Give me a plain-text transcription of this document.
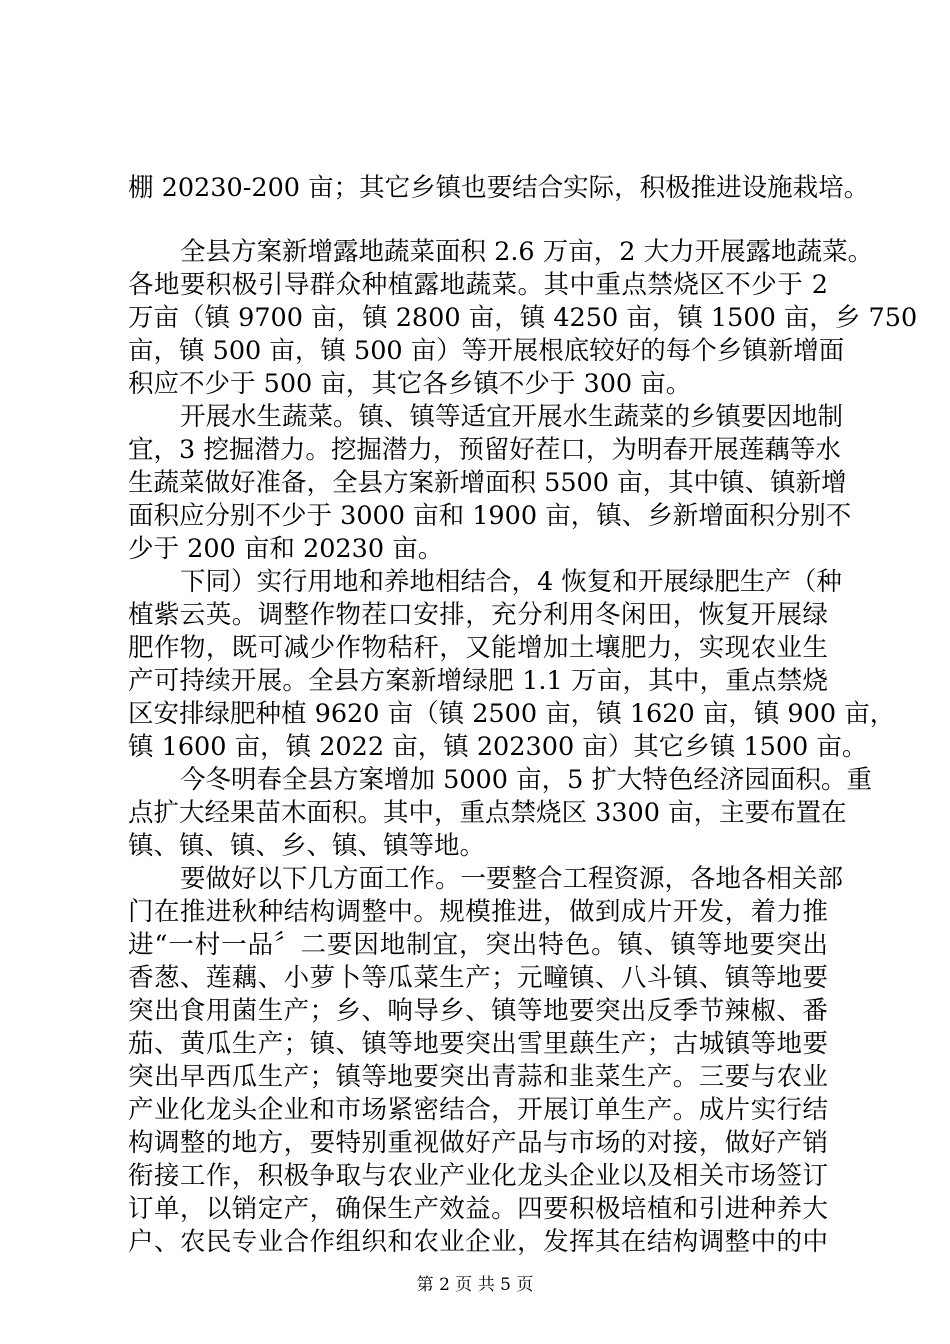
棚 20230-200 亩；其它乡镇也要结合实际，积极推进设施栽培。
全县方案新增露地蔬菜面积 2.6 万亩，2 大力开展露地蔬菜。
各地要积极引导群众种植露地蔬菜。其中重点禁烧区不少于 2
万亩（镇 9700 亩，镇 2800 亩，镇 4250 亩，镇 1500 亩，乡 750
亩，镇 500 亩，镇 500 亩）等开展根底较好的每个乡镇新增面
积应不少于 500 亩，其它各乡镇不少于 300 亩。
开展水生蔬菜。镇、镇等适宜开展水生蔬菜的乡镇要因地制
宜，3 挖掘潜力。挖掘潜力，预留好茬口，为明春开展莲藕等水
生蔬菜做好准备，全县方案新增面积 5500 亩，其中镇、镇新增
面积应分别不少于 3000 亩和 1900 亩，镇、乡新增面积分别不
少于 200 亩和 20230 亩。
下同）实行用地和养地相结合，4 恢复和开展绿肥生产（种
植紫云英。调整作物茬口安排，充分利用冬闲田，恢复开展绿
肥作物，既可减少作物秸秆，又能增加土壤肥力，实现农业生
产可持续开展。全县方案新增绿肥 1.1 万亩，其中，重点禁烧
区安排绿肥种植 9620 亩（镇 2500 亩，镇 1620 亩，镇 900 亩，
镇 1600 亩，镇 2022 亩，镇 202300 亩）其它乡镇 1500 亩。
今冬明春全县方案增加 5000 亩，5 扩大特色经济园面积。重
点扩大经果苗木面积。其中，重点禁烧区 3300 亩，主要布置在
镇、镇、镇、乡、镇、镇等地。
要做好以下几方面工作。一要整合工程资源，各地各相关部
门在推进秋种结构调整中。规模推进，做到成片开发，着力推
进“一村一品〞二要因地制宜，突出特色。镇、镇等地要突出
香葱、莲藕、小萝卜等瓜菜生产；元疃镇、八斗镇、镇等地要
突出食用菌生产；乡、响导乡、镇等地要突出反季节辣椒、番
茄、黄瓜生产；镇、镇等地要突出雪里蕻生产；古城镇等地要
突出早西瓜生产；镇等地要突出青蒜和韭菜生产。三要与农业
产业化龙头企业和市场紧密结合，开展订单生产。成片实行结
构调整的地方，要特别重视做好产品与市场的对接，做好产销
衔接工作，积极争取与农业产业化龙头企业以及相关市场签订
订单，以销定产，确保生产效益。四要积极培植和引进种养大
户、农民专业合作组织和农业企业，发挥其在结构调整中的中
第 2 页 共 5 页
